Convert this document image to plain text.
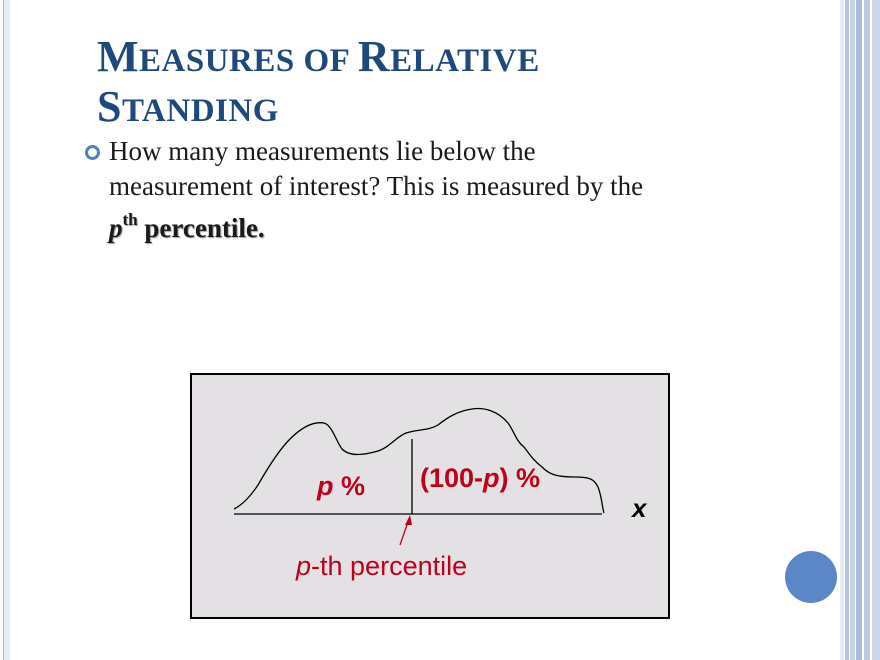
MEASURES OF RELATIVE
STANDING
How many measurements lie below the
measurement of interest? This is measured by the
$p^{th}$ percentile.
p % (100-p) %
x
p-th percentile
